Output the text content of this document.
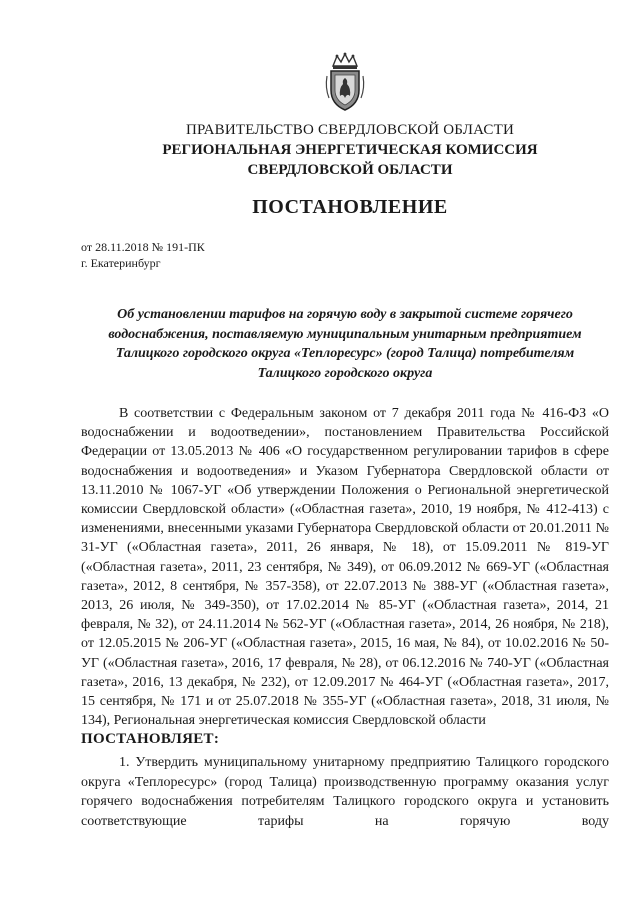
ПРАВИТЕЛЬСТВО СВЕРДЛОВСКОЙ ОБЛАСТИ
РЕГИОНАЛЬНАЯ ЭНЕРГЕТИЧЕСКАЯ КОМИССИЯ
СВЕРДЛОВСКОЙ ОБЛАСТИ
ПОСТАНОВЛЕНИЕ
от 28.11.2018 № 191-ПК
г. Екатеринбург
Об установлении тарифов на горячую воду в закрытой системе горячего водоснабжения, поставляемую муниципальным унитарным предприятием Талицкого городского округа «Теплоресурс» (город Талица) потребителям Талицкого городского округа

В соответствии с Федеральным законом от 7 декабря 2011 года № 416-ФЗ «О водоснабжении и водоотведении», постановлением Правительства Российской Федерации от 13.05.2013 № 406 «О государственном регулировании тарифов в сфере водоснабжения и водоотведения» и Указом Губернатора Свердловской области от 13.11.2010 № 1067-УГ «Об утверждении Положения о Региональной энергетической комиссии Свердловской области» («Областная газета», 2010, 19 ноября, № 412-413) с изменениями, внесенными указами Губернатора Свердловской области от 20.01.2011 № 31-УГ («Областная газета», 2011, 26 января, № 18), от 15.09.2011 № 819-УГ («Областная газета», 2011, 23 сентября, № 349), от 06.09.2012 № 669-УГ («Областная газета», 2012, 8 сентября, № 357-358), от 22.07.2013 № 388-УГ («Областная газета», 2013, 26 июля, № 349-350), от 17.02.2014 № 85-УГ («Областная газета», 2014, 21 февраля, № 32), от 24.11.2014 № 562-УГ («Областная газета», 2014, 26 ноября, № 218), от 12.05.2015 № 206-УГ («Областная газета», 2015, 16 мая, № 84), от 10.02.2016 № 50-УГ («Областная газета», 2016, 17 февраля, № 28), от 06.12.2016 № 740-УГ («Областная газета», 2016, 13 декабря, № 232), от 12.09.2017 № 464-УГ («Областная газета», 2017, 15 сентября, № 171 и от 25.07.2018 № 355-УГ («Областная газета», 2018, 31 июля, № 134), Региональная энергетическая комиссия Свердловской области

ПОСТАНОВЛЯЕТ:

1. Утвердить муниципальному унитарному предприятию Талицкого городского округа «Теплоресурс» (город Талица) производственную программу оказания услуг горячего водоснабжения потребителям Талицкого городского округа и установить соответствующие тарифы на горячую воду
